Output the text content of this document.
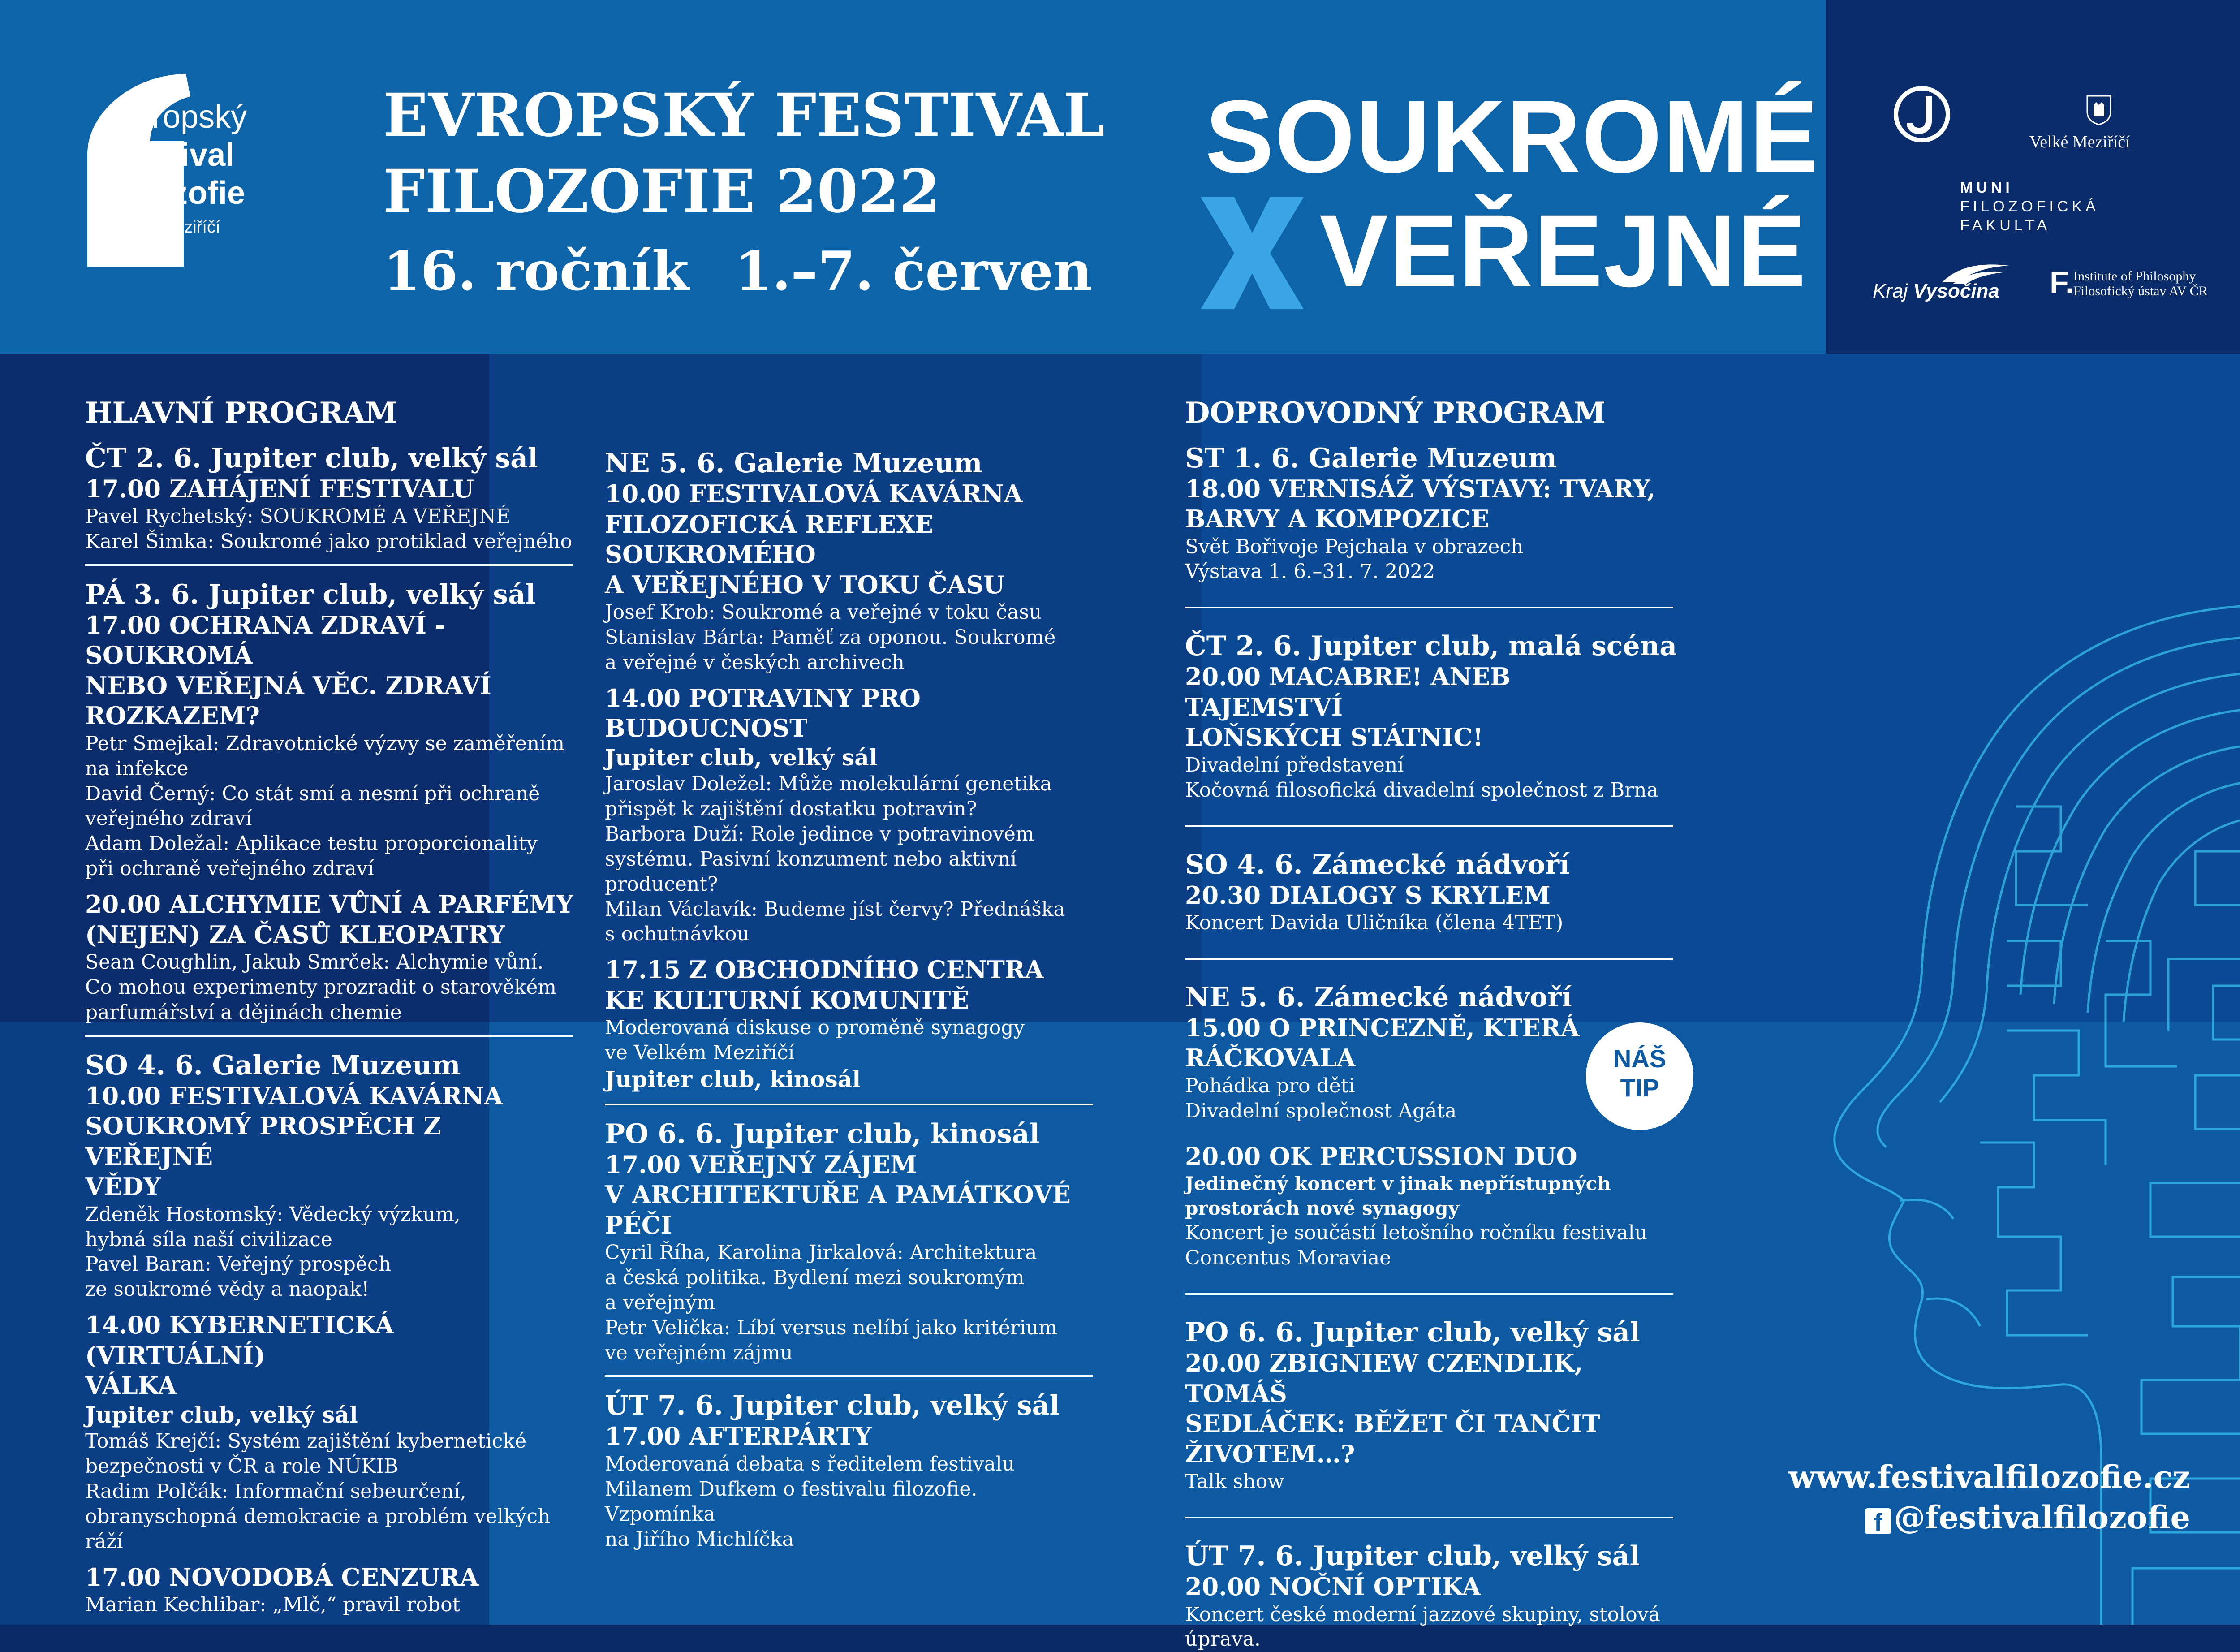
Evropský
Festival
Filozofie
Velké Meziříčí
EVROPSKÝ FESTIVAL
FILOZOFIE 2022
16. ročník 1.–7. červen
SOUKROMÉ
VEŘEJNÉ
Velké Meziříčí
MUNI
FILOZOFICKÁ
FAKULTA
Kraj Vysočina F.
Institute of Philosophy
Filosofický ústav AV ČR
HLAVNÍ PROGRAM
ČT 2. 6. Jupiter club, velký sál
17.00 ZAHÁJENÍ FESTIVALU
Pavel Rychetský: SOUKROMÉ A VEŘEJNÉ
Karel Šimka: Soukromé jako protiklad veřejného
PÁ 3. 6. Jupiter club, velký sál
17.00 OCHRANA ZDRAVÍ - SOUKROMÁ
NEBO VEŘEJNÁ VĚC. ZDRAVÍ
ROZKAZEM?
Petr Smejkal: Zdravotnické výzvy se zaměřením
na infekce
David Černý: Co stát smí a nesmí při ochraně
veřejného zdraví
Adam Doležal: Aplikace testu proporcionality
při ochraně veřejného zdraví
20.00 ALCHYMIE VŮNÍ A PARFÉMY
(NEJEN) ZA ČASŮ KLEOPATRY
Sean Coughlin, Jakub Smrček: Alchymie vůní.
Co mohou experimenty prozradit o starověkém
parfumářství a dějinách chemie
SO 4. 6. Galerie Muzeum
10.00 FESTIVALOVÁ KAVÁRNA
SOUKROMÝ PROSPĚCH Z VEŘEJNÉ
VĚDY
Zdeněk Hostomský: Vědecký výzkum,
hybná síla naší civilizace
Pavel Baran: Veřejný prospěch
ze soukromé vědy a naopak!
14.00 KYBERNETICKÁ (VIRTUÁLNÍ)
VÁLKA
Jupiter club, velký sál
Tomáš Krejčí: Systém zajištění kybernetické
bezpečnosti v ČR a role NÚKIB
Radim Polčák: Informační sebeurčení,
obranyschopná demokracie a problém velkých
ráží
17.00 NOVODOBÁ CENZURA
Marian Kechlibar: „Mlč,“ pravil robot
NE 5. 6. Galerie Muzeum
10.00 FESTIVALOVÁ KAVÁRNA
FILOZOFICKÁ REFLEXE SOUKROMÉHO
A VEŘEJNÉHO V TOKU ČASU
Josef Krob: Soukromé a veřejné v toku času
Stanislav Bárta: Paměť za oponou. Soukromé
a veřejné v českých archivech
14.00 POTRAVINY PRO BUDOUCNOST
Jupiter club, velký sál
Jaroslav Doležel: Může molekulární genetika
přispět k zajištění dostatku potravin?
Barbora Duží: Role jedince v potravinovém
systému. Pasivní konzument nebo aktivní
producent?
Milan Václavík: Budeme jíst červy? Přednáška
s ochutnávkou
17.15 Z OBCHODNÍHO CENTRA
KE KULTURNÍ KOMUNITĚ
Moderovaná diskuse o proměně synagogy
ve Velkém Meziříčí
Jupiter club, kinosál
PO 6. 6. Jupiter club, kinosál
17.00 VEŘEJNÝ ZÁJEM
V ARCHITEKTUŘE A PAMÁTKOVÉ PÉČI
Cyril Říha, Karolina Jirkalová: Architektura
a česká politika. Bydlení mezi soukromým
a veřejným
Petr Velička: Líbí versus nelíbí jako kritérium
ve veřejném zájmu
ÚT 7. 6. Jupiter club, velký sál
17.00 AFTERPÁRTY
Moderovaná debata s ředitelem festivalu
Milanem Dufkem o festivalu filozofie. Vzpomínka
na Jiřího Michlíčka
DOPROVODNÝ PROGRAM
ST 1. 6. Galerie Muzeum
18.00 VERNISÁŽ VÝSTAVY: TVARY,
BARVY A KOMPOZICE
Svět Bořivoje Pejchala v obrazech
Výstava 1. 6.–31. 7. 2022
ČT 2. 6. Jupiter club, malá scéna
20.00 MACABRE! ANEB TAJEMSTVÍ
LOŇSKÝCH STÁTNIC!
Divadelní představení
Kočovná filosofická divadelní společnost z Brna
SO 4. 6. Zámecké nádvoří
20.30 DIALOGY S KRYLEM
Koncert Davida Uličníka (člena 4TET)
NE 5. 6. Zámecké nádvoří
15.00 O PRINCEZNĚ, KTERÁ RÁČKOVALA
Pohádka pro děti
Divadelní společnost Agáta
20.00 OK PERCUSSION DUO
Jedinečný koncert v jinak nepřístupných
prostorách nové synagogy
Koncert je součástí letošního ročníku festivalu
Concentus Moraviae
PO 6. 6. Jupiter club, velký sál
20.00 ZBIGNIEW CZENDLIK, TOMÁŠ
SEDLÁČEK: BĚŽET ČI TANČIT ŽIVOTEM…?
Talk show
ÚT 7. 6. Jupiter club, velký sál
20.00 NOČNÍ OPTIKA
Koncert české moderní jazzové skupiny, stolová
úprava.
NÁŠ
TIP
www.festivalfilozofie.cz
f @festivalfilozofie
